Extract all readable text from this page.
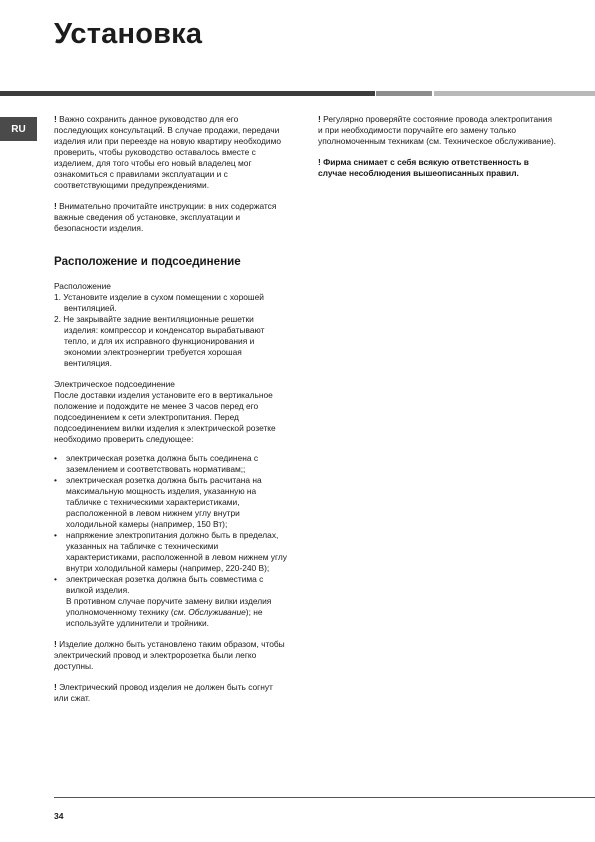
Установка
RU

! Важно сохранить данное руководство для его последующих консультаций. В случае продажи, передачи изделия или при переезде на новую квартиру необходимо проверить, чтобы руководство оставалось вместе с изделием, для того чтобы его новый владелец мог ознакомиться с правилами эксплуатации и с соответствующими предупреждениями.

! Внимательно прочитайте инструкции: в них содержатся важные сведения об установке, эксплуатации и безопасности изделия.

Расположение и подсоединение

Расположение

1. Установите изделие в сухом помещении с хорошей вентиляцией.
2. Не закрывайте задние вентиляционные решетки изделия: компрессор и конденсатор вырабатывают тепло, и для их исправного функционирования и экономии электроэнергии требуется хорошая вентиляция.

Электрическое подсоединение

После доставки изделия установите его в вертикальное положение и подождите не менее 3 часов перед его подсоединением к сети электропитания. Перед подсоединением вилки изделия к электрической розетке необходимо проверить следующее:

• электрическая розетка должна быть соединена с заземлением и соответствовать нормативам;;
• электрическая розетка должна быть расчитана на максимальную мощность изделия, указанную на табличке с техническими характеристиками, расположенной в левом нижнем углу внутри холодильной камеры (например, 150 Вт);
• напряжение электропитания должно быть в пределах, указанных на табличке с техническими характеристиками, расположенной в левом нижнем углу внутри холодильной камеры (например, 220-240 В);
• электрическая розетка должна быть совместима с вилкой изделия.
В противном случае поручите замену вилки изделия уполномоченному технику (см. Обслуживание); не используйте удлинители и тройники.

! Изделие должно быть установлено таким образом, чтобы электрический провод и электророзетка были легко доступны.

! Электрический провод изделия не должен быть согнут или сжат.

! Регулярно проверяйте состояние провода электропитания и при необходимости поручайте его замену только уполномоченным техникам (см. Техническое обслуживание).

! Фирма снимает с себя всякую ответственность в случае несоблюдения вышеописанных правил.

34
